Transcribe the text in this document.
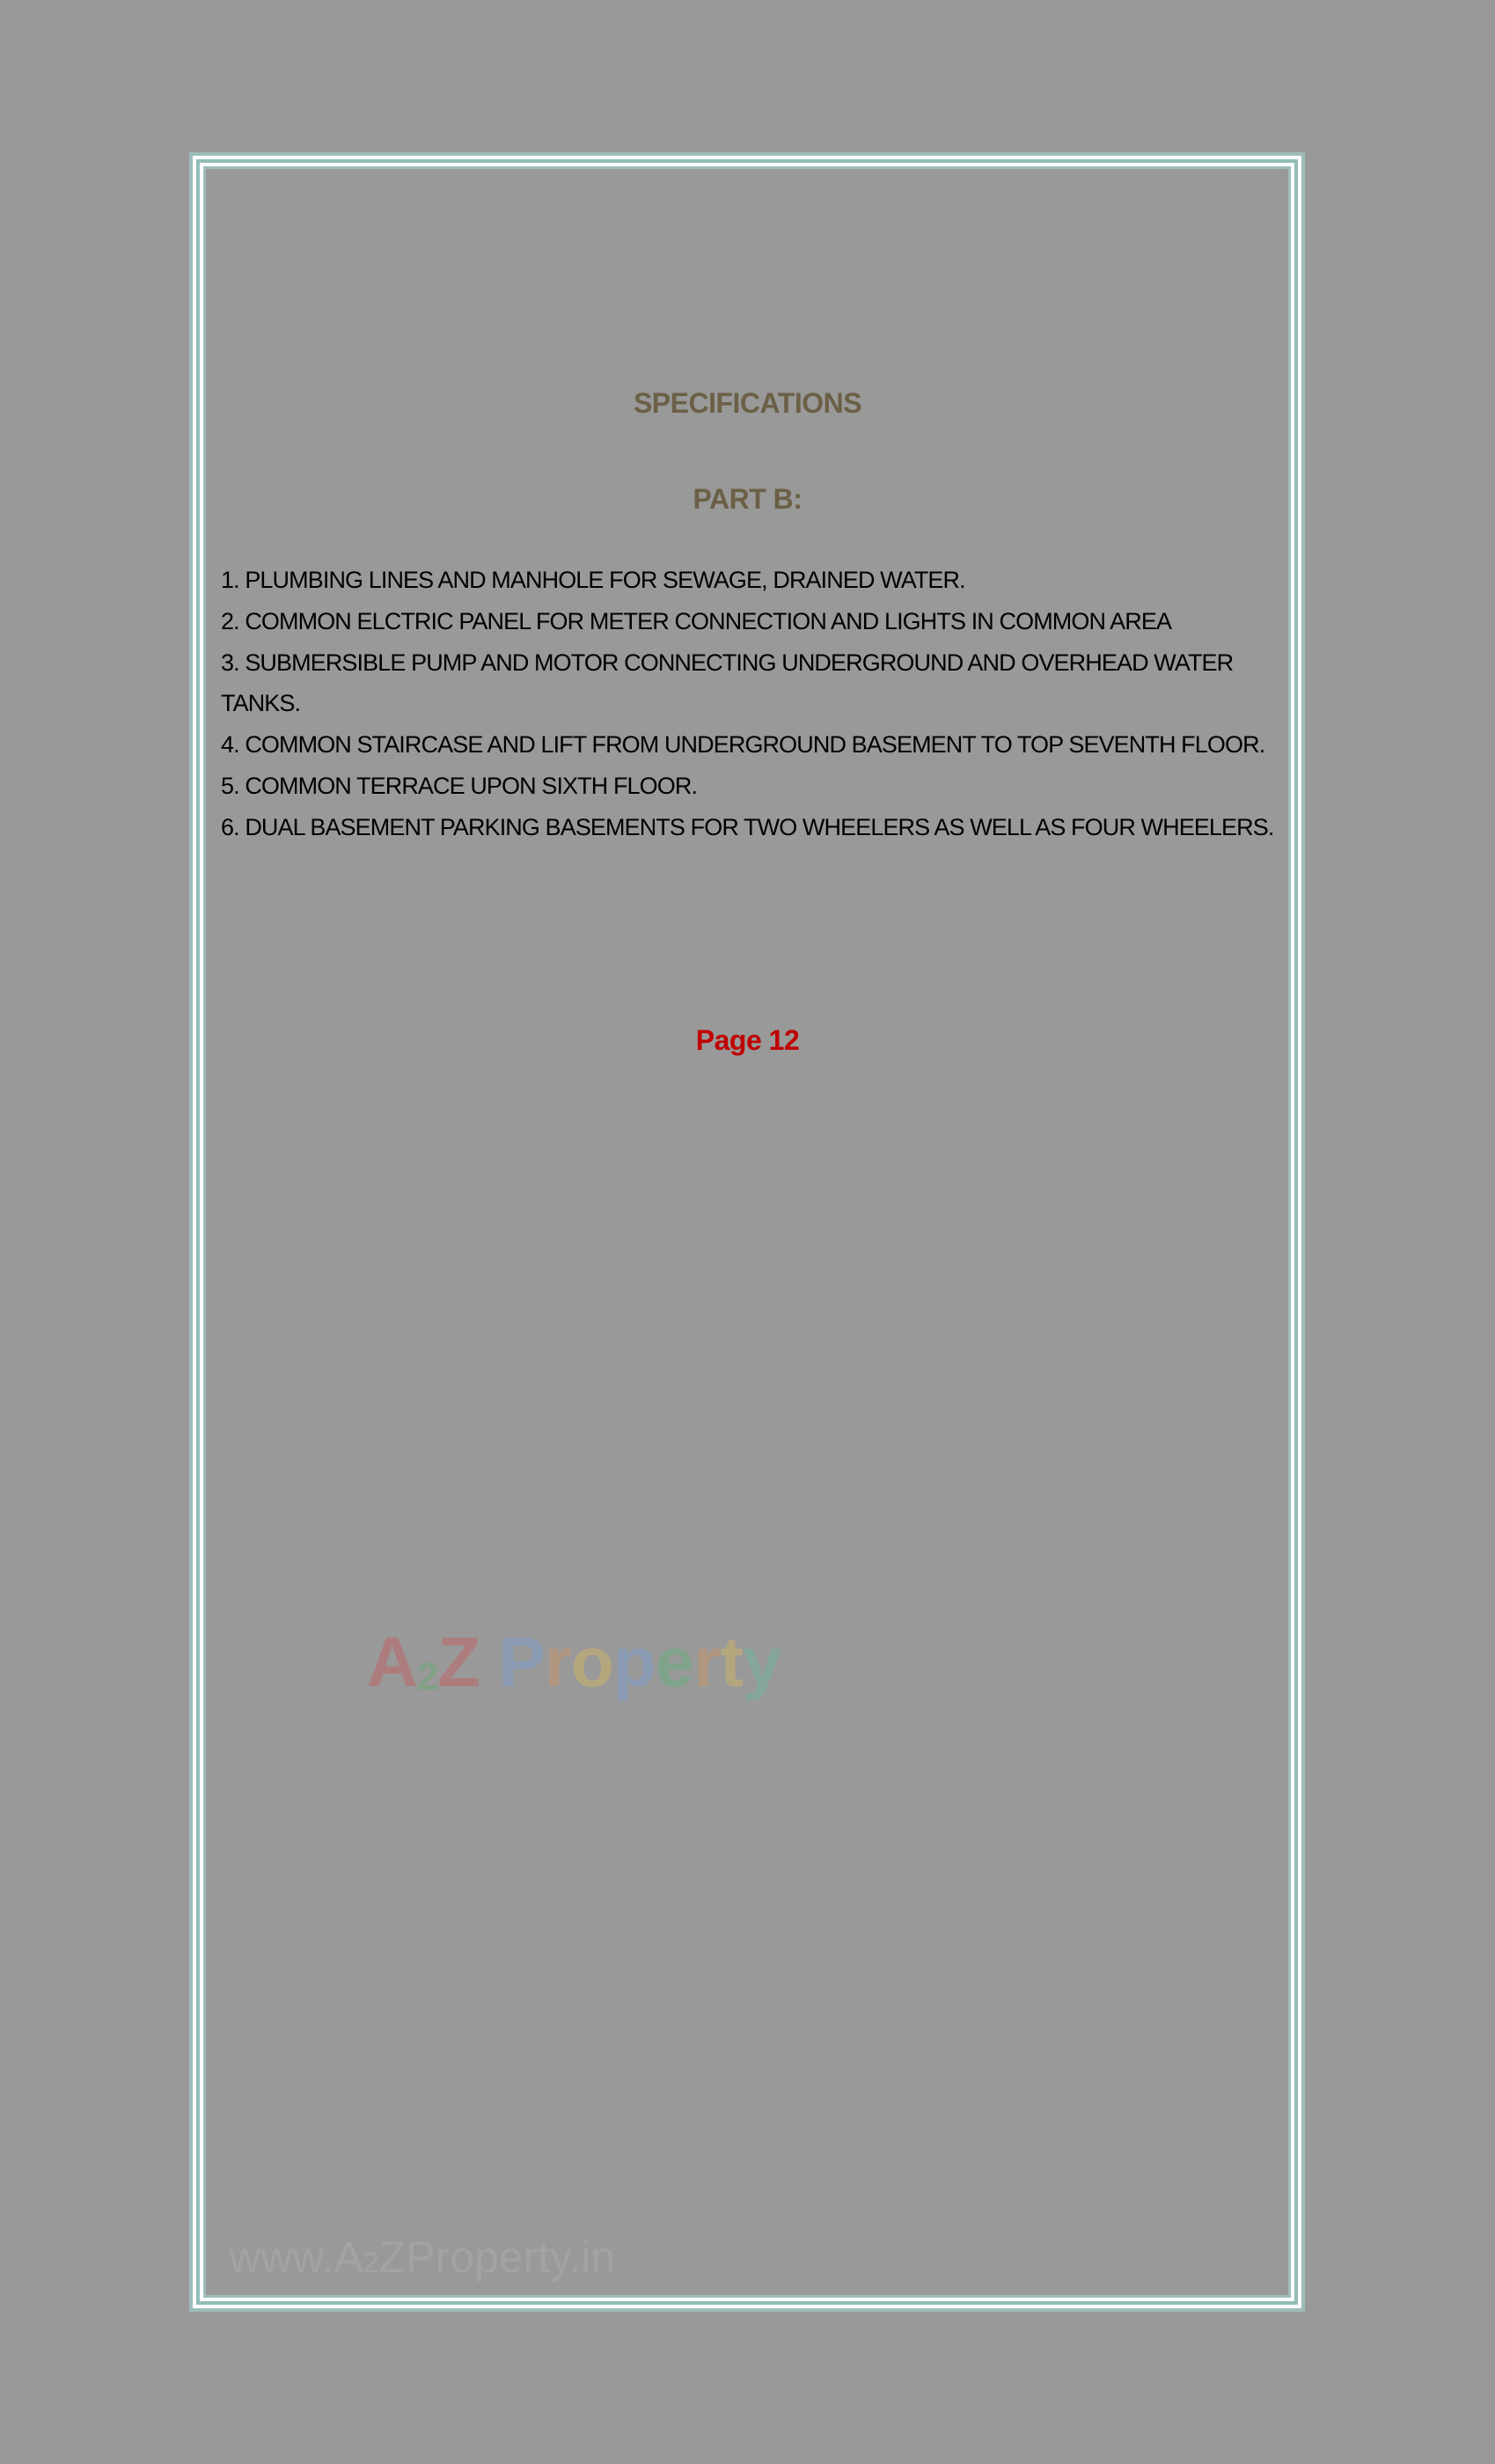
SPECIFICATIONS
PART B:

1. PLUMBING LINES AND MANHOLE FOR SEWAGE, DRAINED WATER.

2. COMMON ELCTRIC PANEL FOR METER CONNECTION AND LIGHTS IN COMMON AREA

3. SUBMERSIBLE PUMP AND MOTOR CONNECTING UNDERGROUND AND OVERHEAD WATER TANKS.

4. COMMON STAIRCASE AND LIFT FROM UNDERGROUND BASEMENT TO TOP SEVENTH FLOOR.

5. COMMON TERRACE UPON SIXTH FLOOR.

6. DUAL BASEMENT PARKING BASEMENTS FOR TWO WHEELERS AS WELL AS FOUR WHEELERS.

Page 12
A2Z Property
www.A2ZProperty.in
